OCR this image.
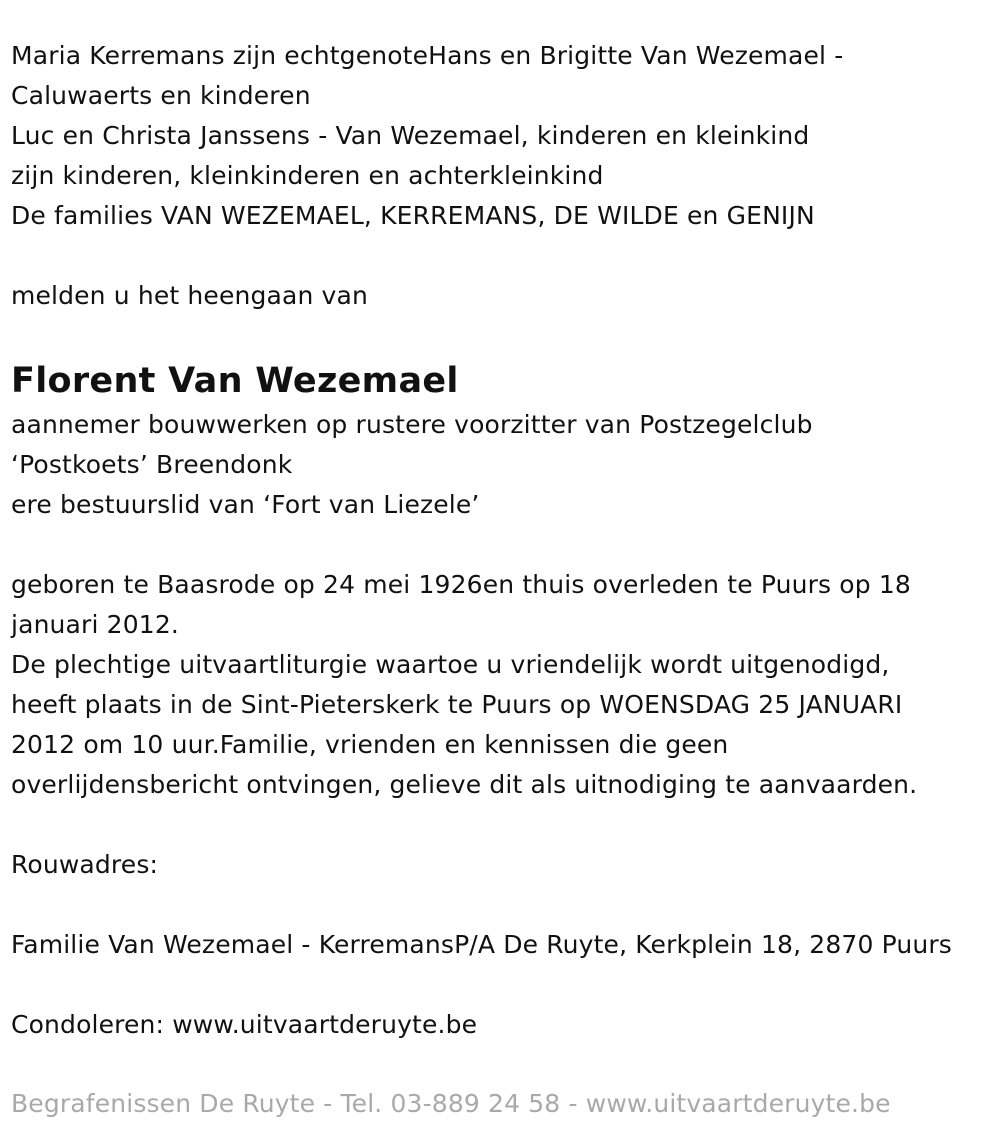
Maria Kerremans zijn echtgenoteHans en Brigitte Van Wezemael -
Caluwaerts en kinderen
Luc en Christa Janssens - Van Wezemael, kinderen en kleinkind
zijn kinderen, kleinkinderen en achterkleinkind
De families VAN WEZEMAEL, KERREMANS, DE WILDE en GENIJN
melden u het heengaan van
Florent Van Wezemael
aannemer bouwwerken op rustere voorzitter van Postzegelclub
‘Postkoets’ Breendonk
ere bestuurslid van ‘Fort van Liezele’
geboren te Baasrode op 24 mei 1926en thuis overleden te Puurs op 18
januari 2012.
De plechtige uitvaartliturgie waartoe u vriendelijk wordt uitgenodigd,
heeft plaats in de Sint-Pieterskerk te Puurs op WOENSDAG 25 JANUARI
2012 om 10 uur.Familie, vrienden en kennissen die geen
overlijdensbericht ontvingen, gelieve dit als uitnodiging te aanvaarden.
Rouwadres:
Familie Van Wezemael - KerremansP/A De Ruyte, Kerkplein 18, 2870 Puurs
Condoleren: www.uitvaartderuyte.be
Begrafenissen De Ruyte - Tel. 03-889 24 58 - www.uitvaartderuyte.be
